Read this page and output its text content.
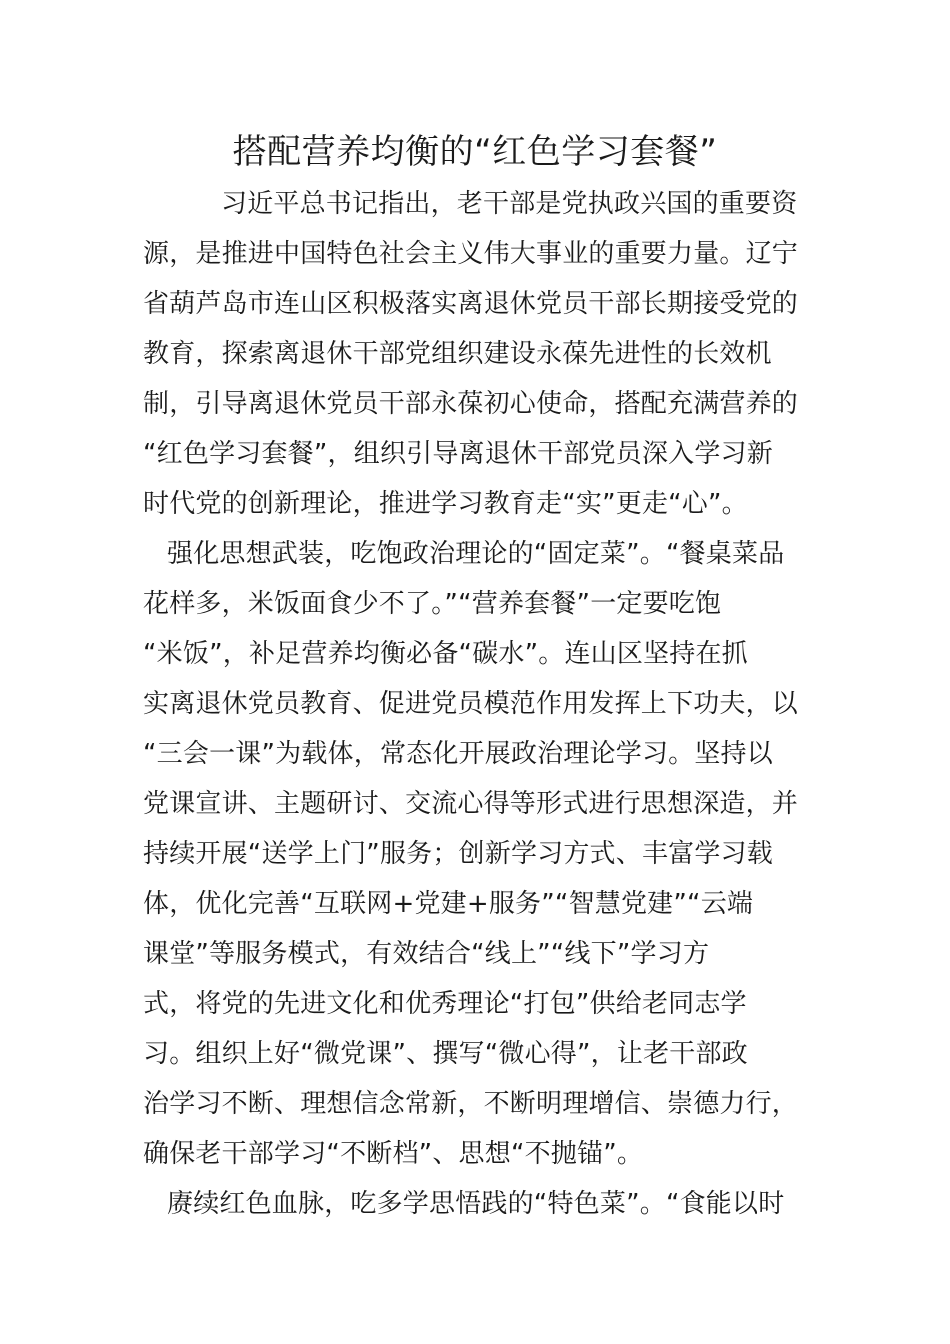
搭配营养均衡的“红色学习套餐”
习近平总书记指出，老干部是党执政兴国的重要资
源，是推进中国特色社会主义伟大事业的重要力量。辽宁
省葫芦岛市连山区积极落实离退休党员干部长期接受党的
教育，探索离退休干部党组织建设永葆先进性的长效机
制，引导离退休党员干部永葆初心使命，搭配充满营养的
“红色学习套餐”，组织引导离退休干部党员深入学习新
时代党的创新理论，推进学习教育走“实”更走“心”。
强化思想武装，吃饱政治理论的“固定菜”。“餐桌菜品
花样多，米饭面食少不了。”“营养套餐”一定要吃饱
“米饭”，补足营养均衡必备“碳水”。连山区坚持在抓
实离退休党员教育、促进党员模范作用发挥上下功夫，以
“三会一课”为载体，常态化开展政治理论学习。坚持以
党课宣讲、主题研讨、交流心得等形式进行思想深造，并
持续开展“送学上门”服务；创新学习方式、丰富学习载
体，优化完善“互联网+党建+服务”“智慧党建”“云端
课堂”等服务模式，有效结合“线上”“线下”学习方
式，将党的先进文化和优秀理论“打包”供给老同志学
习。组织上好“微党课”、撰写“微心得”，让老干部政
治学习不断、理想信念常新，不断明理增信、崇德力行，
确保老干部学习“不断档”、思想“不抛锚”。
赓续红色血脉，吃多学思悟践的“特色菜”。“食能以时
